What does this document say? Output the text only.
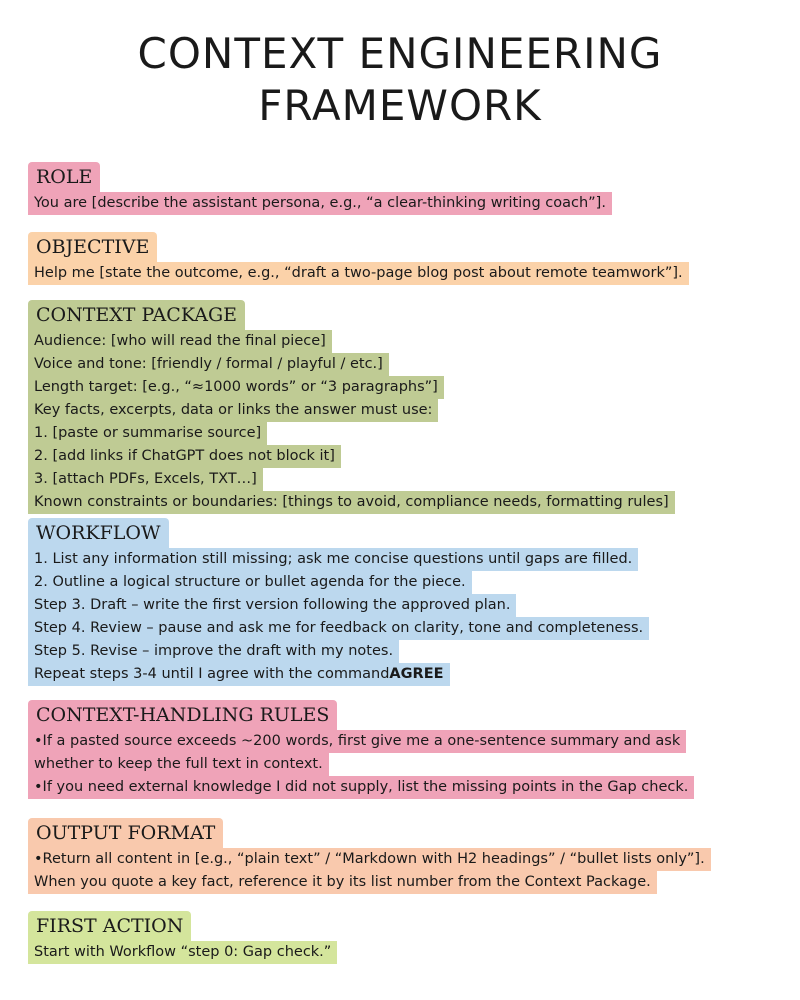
CONTEXT ENGINEERING
FRAMEWORK
ROLE
You are [describe the assistant persona, e.g., “a clear-thinking writing coach”].
OBJECTIVE
Help me [state the outcome, e.g., “draft a two-page blog post about remote teamwork”].
CONTEXT PACKAGE
Audience: [who will read the final piece]
Voice and tone: [friendly / formal / playful / etc.]
Length target: [e.g., “≈1000 words” or “3 paragraphs”]
Key facts, excerpts, data or links the answer must use:
1. [paste or summarise source]
2. [add links if ChatGPT does not block it]
3. [attach PDFs, Excels, TXT…]
Known constraints or boundaries: [things to avoid, compliance needs, formatting rules]
WORKFLOW
1. List any information still missing; ask me concise questions until gaps are filled.
2. Outline a logical structure or bullet agenda for the piece.
Step 3. Draft – write the first version following the approved plan.
Step 4. Review – pause and ask me for feedback on clarity, tone and completeness.
Step 5. Revise – improve the draft with my notes.
Repeat steps 3-4 until I agree with the commandAGREE
CONTEXT-HANDLING RULES
•If a pasted source exceeds ~200 words, first give me a one-sentence summary and ask
whether to keep the full text in context.
•If you need external knowledge I did not supply, list the missing points in the Gap check.
OUTPUT FORMAT
•Return all content in [e.g., “plain text” / “Markdown with H2 headings” / “bullet lists only”].
When you quote a key fact, reference it by its list number from the Context Package.
FIRST ACTION
Start with Workflow “step 0: Gap check.”
